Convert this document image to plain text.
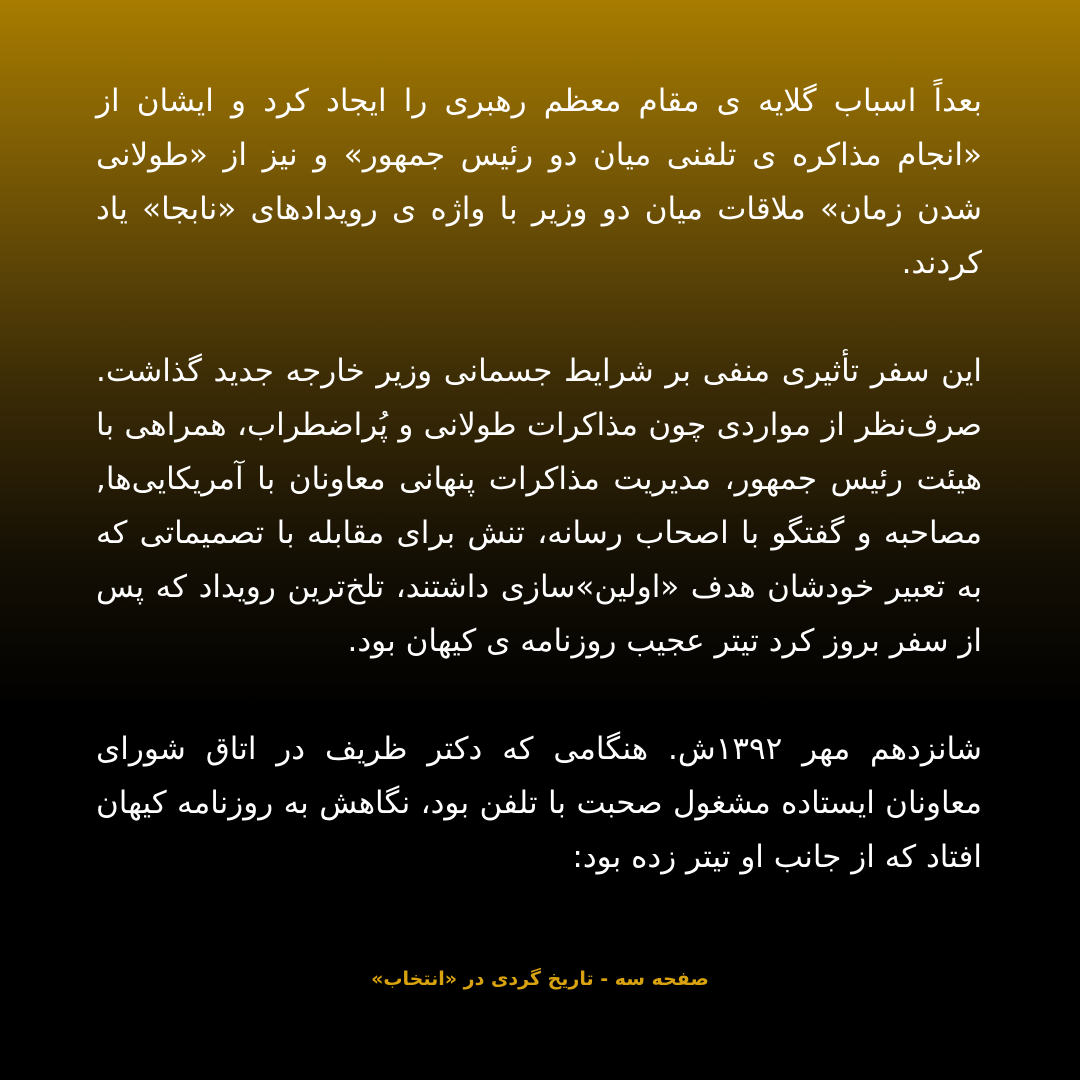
بعداً اسباب گلایه ی مقام معظم رهبری را ایجاد کرد و ایشان از «انجام مذاکره ی تلفنی میان دو رئیس جمهور» و نیز از «طولانی شدن زمان» ملاقات میان دو وزیر با واژه ی رویدادهای «نابجا» یاد کردند.

این سفر تأثیری منفی بر شرایط جسمانی وزیر خارجه جدید گذاشت. صرف‌نظر از مواردی چون مذاکرات طولانی و پُراضطراب، همراهی با هیئت رئیس جمهور، مدیریت مذاکرات پنهانی معاونان با آمریکایی‌ها, مصاحبه و گفتگو با اصحاب رسانه، تنش برای مقابله با تصمیماتی که به تعبیر خودشان هدف «اولین»سازی داشتند، تلخ‌ترین رویداد که پس از سفر بروز کرد تیتر عجیب روزنامه ی کیهان بود.

شانزدهم مهر ۱۳۹۲ش. هنگامی که دکتر ظریف در اتاق شورای معاونان ایستاده مشغول صحبت با تلفن بود، نگاهش به روزنامه کیهان افتاد که از جانب او تیتر زده بود:

صفحه سه - تاریخ گردی در «انتخاب»
